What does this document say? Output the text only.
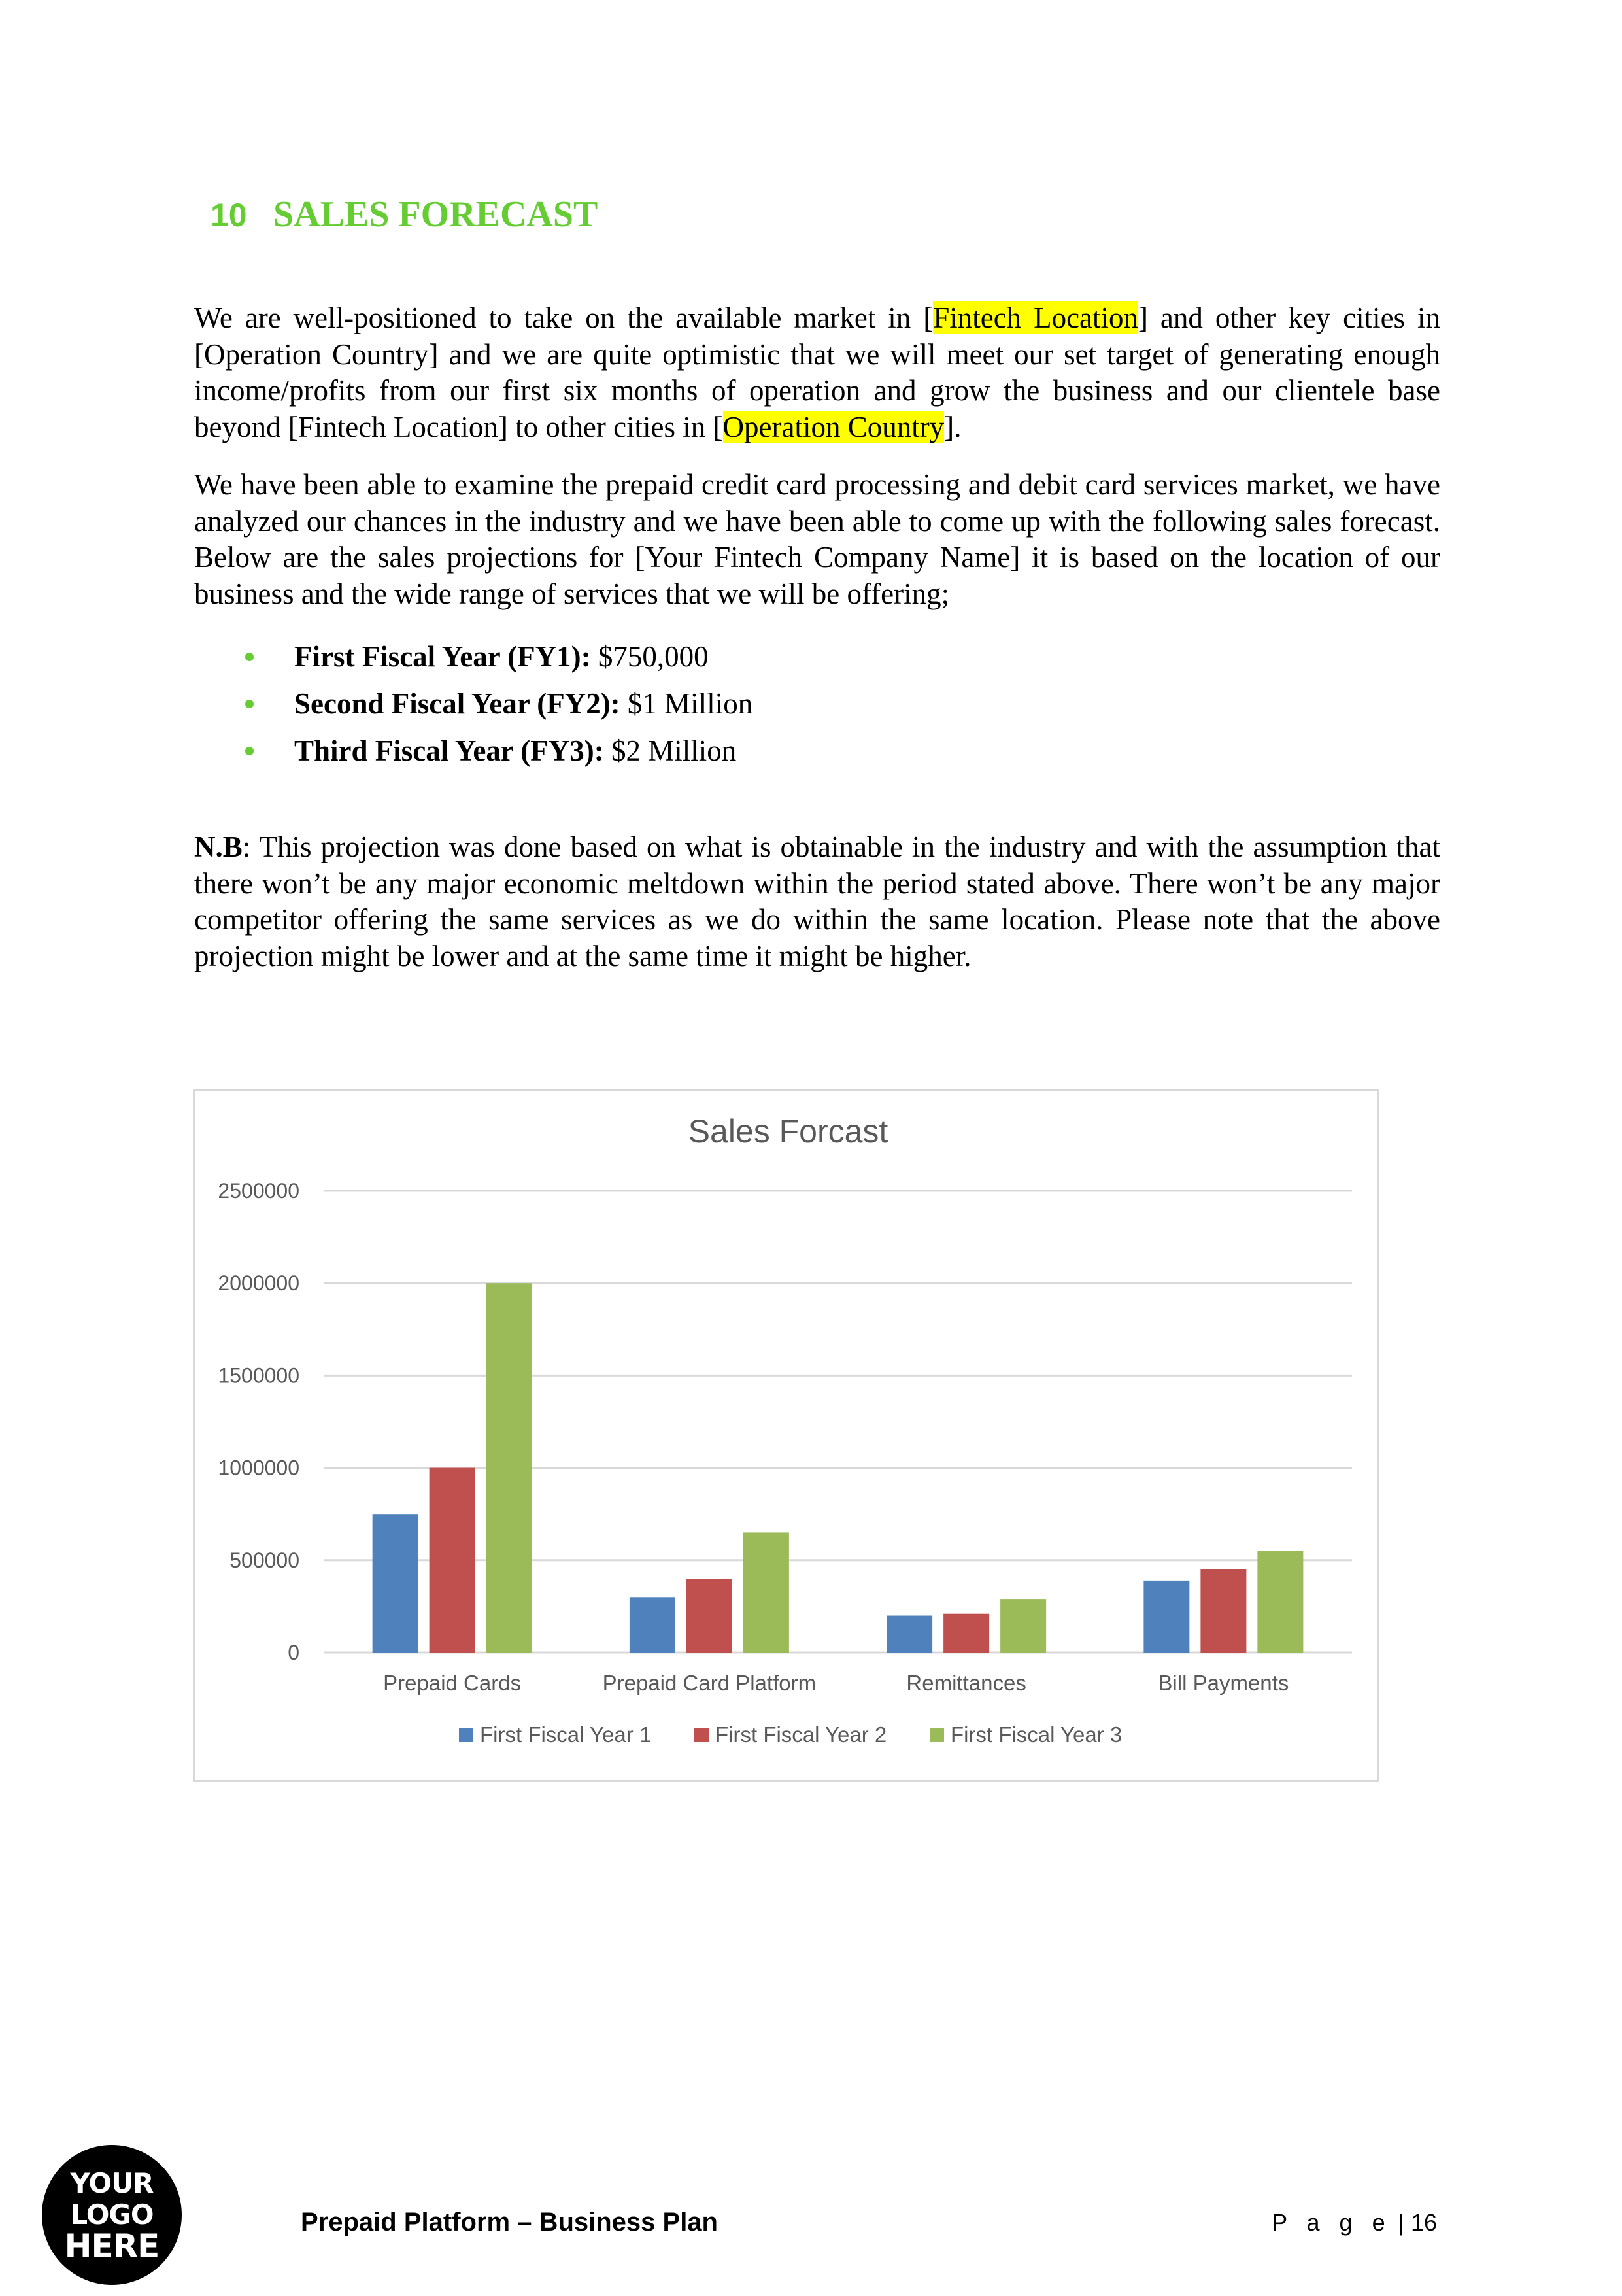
10 SALES FORECAST

We are well-positioned to take on the available market in [Fintech Location] and other key cities in [Operation Country] and we are quite optimistic that we will meet our set target of generating enough income/profits from our first six months of operation and grow the business and our clientele base beyond [Fintech Location] to other cities in [Operation Country].

We have been able to examine the prepaid credit card processing and debit card services market, we have analyzed our chances in the industry and we have been able to come up with the following sales forecast. Below are the sales projections for [Your Fintech Company Name] it is based on the location of our business and the wide range of services that we will be offering;

First Fiscal Year (FY1): $750,000
Second Fiscal Year (FY2): $1 Million
Third Fiscal Year (FY3): $2 Million

N.B: This projection was done based on what is obtainable in the industry and with the assumption that there won’t be any major economic meltdown within the period stated above. There won’t be any major competitor offering the same services as we do within the same location. Please note that the above projection might be lower and at the same time it might be higher.

Sales Forcast
0
500000
1000000
1500000
2000000
2500000
Prepaid Cards	Prepaid Card Platform	Remittances	Bill Payments
First Fiscal Year 1	First Fiscal Year 2	First Fiscal Year 3
YOUR
LOGO
HERE
Prepaid Platform – Business Plan	P a g e | 16
